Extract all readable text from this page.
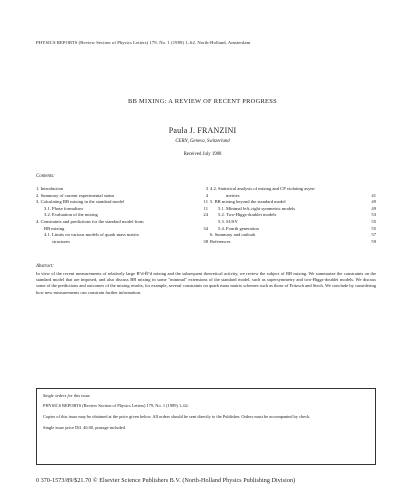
PHYSICS REPORTS (Review Section of Physics Letters) 179, No. 1 (1989) 1–62. North-Holland, Amsterdam
BB MIXING: A REVIEW OF RECENT PROGRESS
Paula J. FRANZINI
CERN, Geneva, Switzerland
Received July 1988
Contents:
1. Introduction	3
2. Summary of current experimental status	4
3. Calculating BB mixing in the standard model	11
3.1. Phase formalism	11
3.2. Evaluation of the mixing	24
4. Constraints and predictions for the standard model from
BB mixing	34
4.1. Limits on various models of quark mass matrix
structures	38
4.2. Statistical analysis of mixing and CP violating asym-
metries	41
5. BB mixing beyond the standard model	49
5.1. Minimal left–right symmetric models	49
5.2. Two-Higgs-doublet models	53
5.3. SUSY	55
5.4. Fourth generation	55
6. Summary and outlook	57
References	59
Abstract:
In view of the recent measurements of relatively large B°d-B̄°d mixing and the subsequent theoretical activity, we review the subject of BB mixing. We summarize the constraints on the standard model that are imposed, and also discuss BB mixing in some "minimal" extensions of the standard model, such as supersymmetry and two-Higgs-doublet models. We discuss some of the predictions and outcomes of the mixing results; for example, several constraints on quark mass matrix schemes such as those of Fritzsch and Stech. We conclude by considering how new measurements can constrain further information.
Single orders for this issue

PHYSICS REPORTS (Review Section of Physics Letters) 179, No. 1 (1989) 1–62.

Copies of this issue may be obtained at the price given below. All orders should be sent directly to the Publisher. Orders must be accompanied by check.

Single issue price Dfl. 46.00, postage included.

0 370-1573/89/$21.70 © Elsevier Science Publishers B.V. (North-Holland Physics Publishing Division)
